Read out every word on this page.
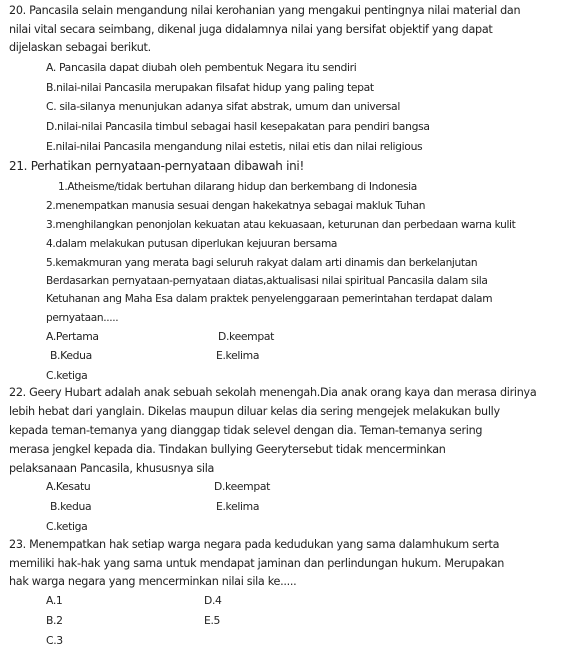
20. Pancasila selain mengandung nilai kerohanian yang mengakui pentingnya nilai material dan
nilai vital secara seimbang, dikenal juga didalamnya nilai yang bersifat objektif yang dapat
dijelaskan sebagai berikut.
A. Pancasila dapat diubah oleh pembentuk Negara itu sendiri
B.nilai-nilai Pancasila merupakan filsafat hidup yang paling tepat
C. sila-silanya menunjukan adanya sifat abstrak, umum dan universal
D.nilai-nilai Pancasila timbul sebagai hasil kesepakatan para pendiri bangsa
E.nilai-nilai Pancasila mengandung nilai estetis, nilai etis dan nilai religious
21. Perhatikan pernyataan-pernyataan dibawah ini!
1.Atheisme/tidak bertuhan dilarang hidup dan berkembang di Indonesia
2.menempatkan manusia sesuai dengan hakekatnya sebagai makluk Tuhan
3.menghilangkan penonjolan kekuatan atau kekuasaan, keturunan dan perbedaan warna kulit
4.dalam melakukan putusan diperlukan kejuuran bersama
5.kemakmuran yang merata bagi seluruh rakyat dalam arti dinamis dan berkelanjutan
Berdasarkan pernyataan-pernyataan diatas,aktualisasi nilai spiritual Pancasila dalam sila
Ketuhanan ang Maha Esa dalam praktek penyelenggaraan pemerintahan terdapat dalam
pernyataan.....
A.Pertama	D.keempat
B.Kedua	E.kelima
C.ketiga
22. Geery Hubart adalah anak sebuah sekolah menengah.Dia anak orang kaya dan merasa dirinya
lebih hebat dari yanglain. Dikelas maupun diluar kelas dia sering mengejek melakukan bully
kepada teman-temanya yang dianggap tidak selevel dengan dia. Teman-temanya sering
merasa jengkel kepada dia. Tindakan bullying Geerytersebut tidak mencerminkan
pelaksanaan Pancasila, khususnya sila
A.Kesatu	D.keempat
B.kedua	E.kelima
C.ketiga
23. Menempatkan hak setiap warga negara pada kedudukan yang sama dalamhukum serta
memiliki hak-hak yang sama untuk mendapat jaminan dan perlindungan hukum. Merupakan
hak warga negara yang mencerminkan nilai sila ke.....
A.1	D.4
B.2	E.5
C.3
